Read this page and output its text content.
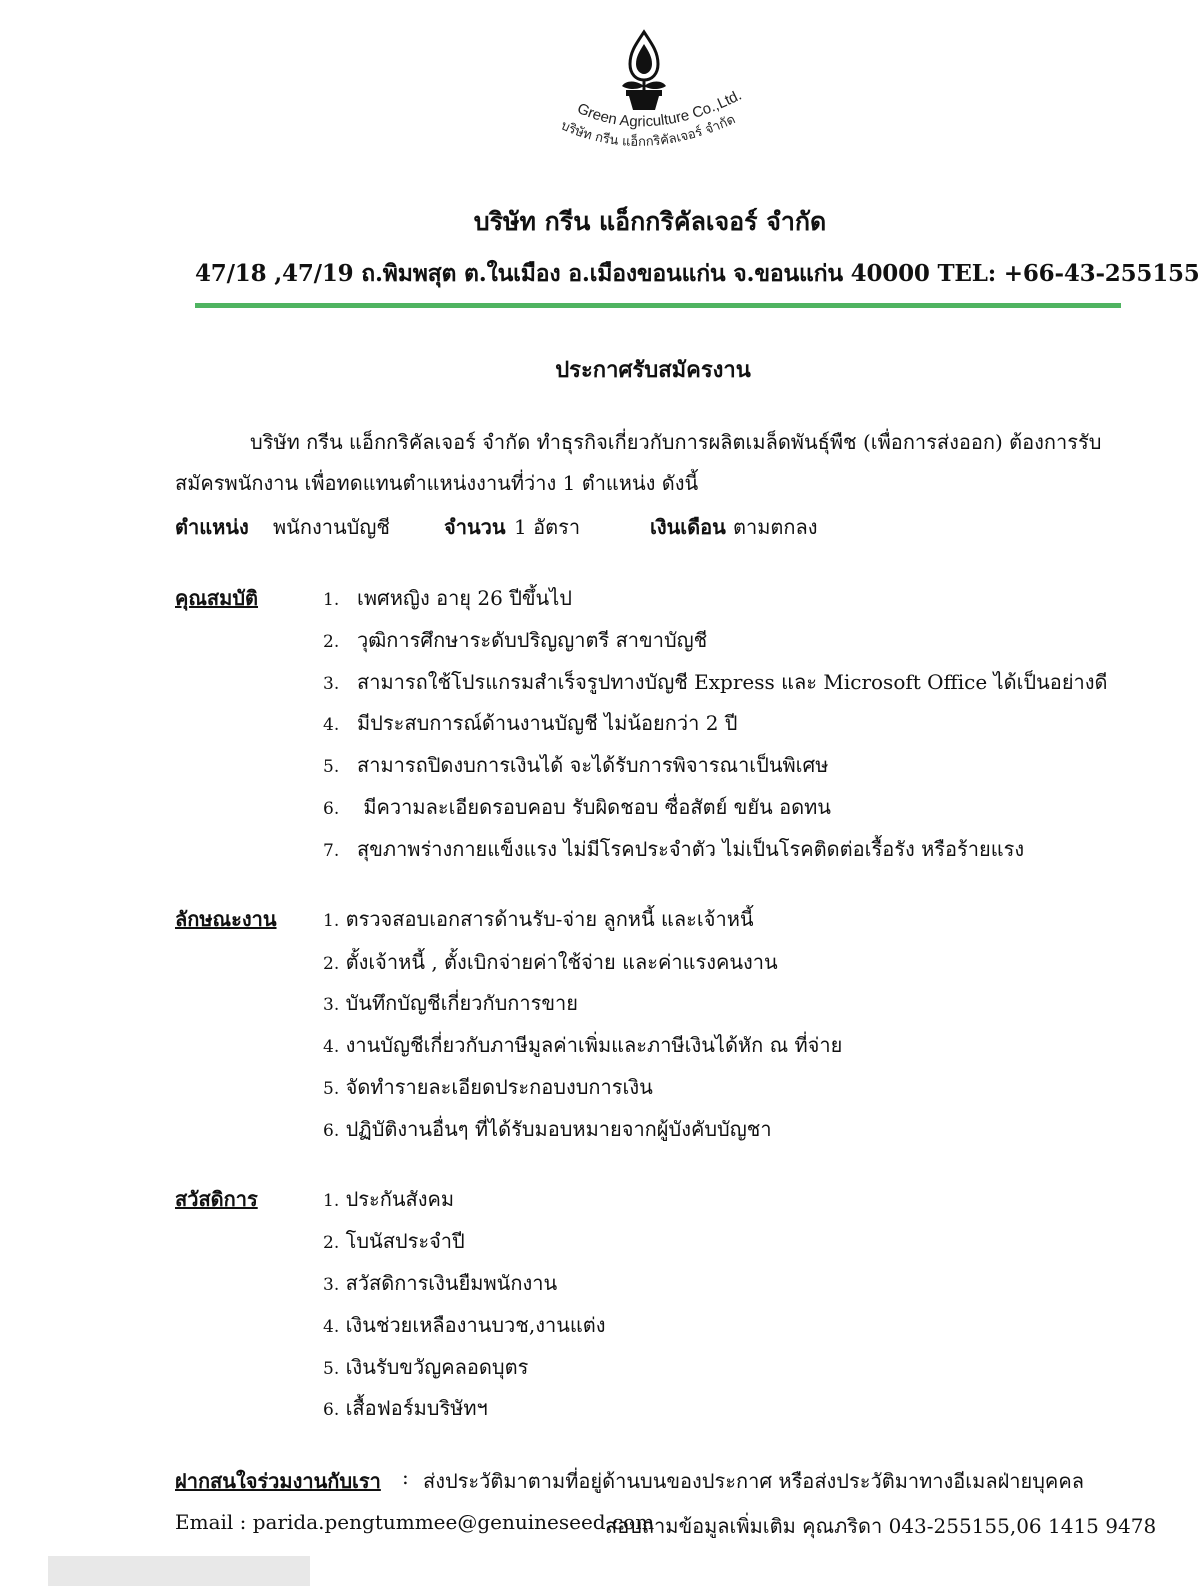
Green Agriculture Co.,Ltd.
บริษัท กรีน แอ็กกริคัลเจอร์ จำกัด
บริษัท กรีน แอ็กกริคัลเจอร์ จำกัด
47/18 ,47/19 ถ.พิมพสุต ต.ในเมือง อ.เมืองขอนแก่น จ.ขอนแก่น 40000 TEL: +66-43-255155
ประกาศรับสมัครงาน
บริษัท กรีน แอ็กกริคัลเจอร์ จำกัด ทำธุรกิจเกี่ยวกับการผลิตเมล็ดพันธุ์พืช (เพื่อการส่งออก) ต้องการรับ
สมัครพนักงาน เพื่อทดแทนตำแหน่งงานที่ว่าง 1 ตำแหน่ง ดังนี้
ตำแหน่ง พนักงานบัญชี	จำนวน 1 อัตรา	เงินเดือน ตามตกลง
คุณสมบัติ	1. เพศหญิง อายุ 26 ปีขึ้นไป
2. วุฒิการศึกษาระดับปริญญาตรี สาขาบัญชี
3. สามารถใช้โปรแกรมสำเร็จรูปทางบัญชี Express และ Microsoft Office ได้เป็นอย่างดี
4. มีประสบการณ์ด้านงานบัญชี ไม่น้อยกว่า 2 ปี
5. สามารถปิดงบการเงินได้ จะได้รับการพิจารณาเป็นพิเศษ
6. มีความละเอียดรอบคอบ รับผิดชอบ ซื่อสัตย์ ขยัน อดทน
7. สุขภาพร่างกายแข็งแรง ไม่มีโรคประจำตัว ไม่เป็นโรคติดต่อเรื้อรัง หรือร้ายแรง
ลักษณะงาน	1. ตรวจสอบเอกสารด้านรับ-จ่าย ลูกหนี้ และเจ้าหนี้
2. ตั้งเจ้าหนี้ , ตั้งเบิกจ่ายค่าใช้จ่าย และค่าแรงคนงาน
3. บันทึกบัญชีเกี่ยวกับการขาย
4. งานบัญชีเกี่ยวกับภาษีมูลค่าเพิ่มและภาษีเงินได้หัก ณ ที่จ่าย
5. จัดทำรายละเอียดประกอบงบการเงิน
6. ปฏิบัติงานอื่นๆ ที่ได้รับมอบหมายจากผู้บังคับบัญชา
สวัสดิการ	1. ประกันสังคม
2. โบนัสประจำปี
3. สวัสดิการเงินยืมพนักงาน
4. เงินช่วยเหลืองานบวช,งานแต่ง
5. เงินรับขวัญคลอดบุตร
6. เสื้อฟอร์มบริษัทฯ
ฝากสนใจร่วมงานกับเรา : ส่งประวัติมาตามที่อยู่ด้านบนของประกาศ หรือส่งประวัติมาทางอีเมลฝ่ายบุคคล
Email : parida.pengtummee@genuineseed.com
สอบถามข้อมูลเพิ่มเติม คุณภริดา 043-255155,06 1415 9478
